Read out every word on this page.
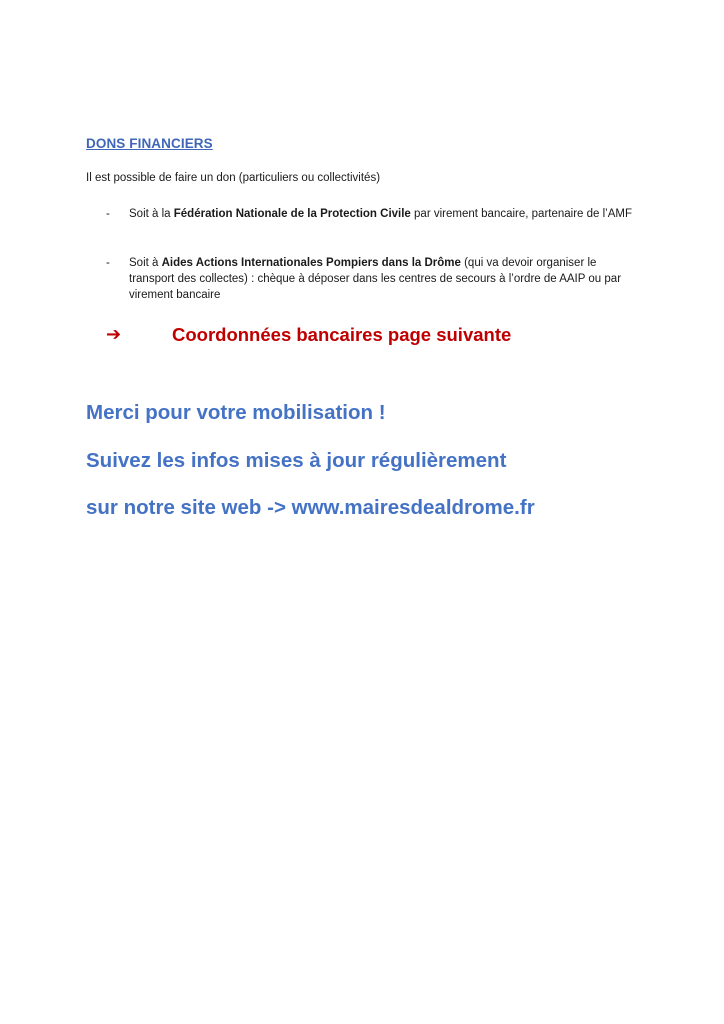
DONS FINANCIERS
Il est possible de faire un don (particuliers ou collectivités)
- Soit à la Fédération Nationale de la Protection Civile par virement bancaire, partenaire de l’AMF
- Soit à Aides Actions Internationales Pompiers dans la Drôme (qui va devoir organiser le transport des collectes) : chèque à déposer dans les centres de secours à l’ordre de AAIP ou par virement bancaire
➔	Coordonnées bancaires page suivante
Merci pour votre mobilisation !
Suivez les infos mises à jour régulièrement
sur notre site web -> www.mairesdealdrome.fr
